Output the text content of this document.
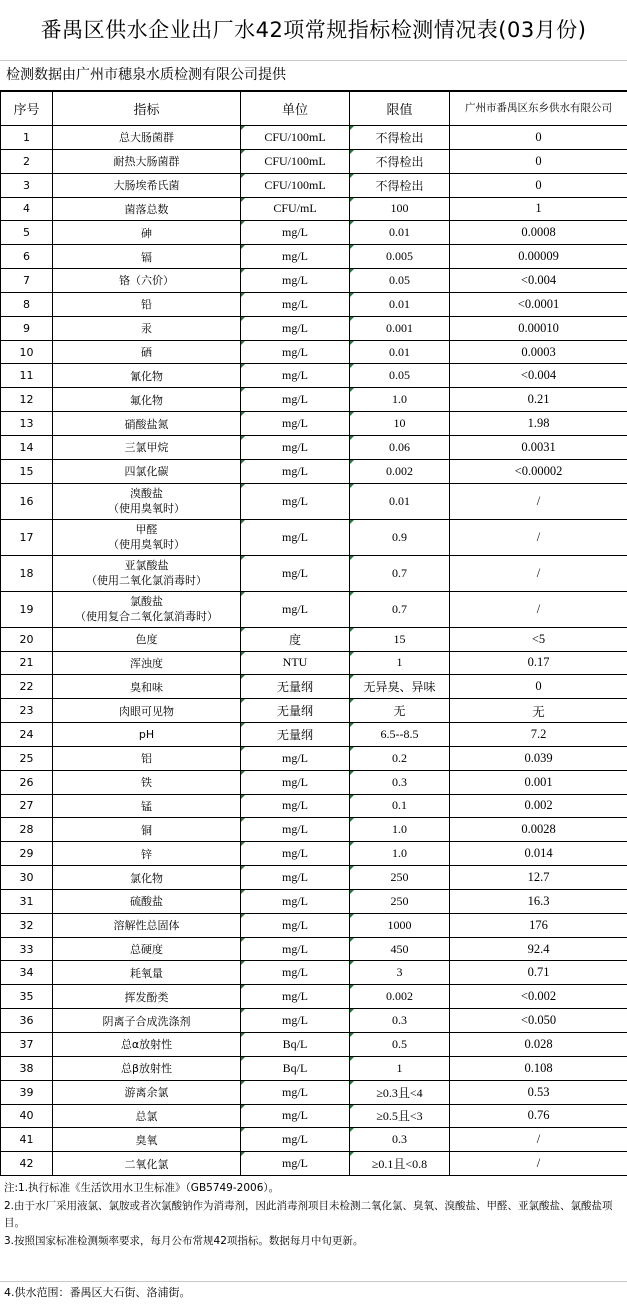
番禺区供水企业出厂水42项常规指标检测情况表(03月份)
检测数据由广州市穗泉水质检测有限公司提供
序号	指标	单位	限值	广州市番禺区东乡供水有限公司
1	总大肠菌群	CFU/100mL	不得检出	0
2	耐热大肠菌群	CFU/100mL	不得检出	0
3	大肠埃希氏菌	CFU/100mL	不得检出	0
4	菌落总数	CFU/mL	100	1
5	砷	mg/L	0.01	0.0008
6	镉	mg/L	0.005	0.00009
7	铬（六价）	mg/L	0.05	<0.004
8	铅	mg/L	0.01	<0.0001
9	汞	mg/L	0.001	0.00010
10	硒	mg/L	0.01	0.0003
11	氰化物	mg/L	0.05	<0.004
12	氟化物	mg/L	1.0	0.21
13	硝酸盐氮	mg/L	10	1.98
14	三氯甲烷	mg/L	0.06	0.0031
15	四氯化碳	mg/L	0.002	<0.00002
16	溴酸盐
（使用臭氧时）	mg/L	0.01	/
17	甲醛
（使用臭氧时）	mg/L	0.9	/
18	亚氯酸盐
（使用二氧化氯消毒时）	mg/L	0.7	/
19	氯酸盐
（使用复合二氧化氯消毒时）	mg/L	0.7	/
20	色度	度	15	<5
21	浑浊度	NTU	1	0.17
22	臭和味	无量纲	无异臭、异味	0
23	肉眼可见物	无量纲	无	无
24	pH	无量纲	6.5--8.5	7.2
25	铝	mg/L	0.2	0.039
26	铁	mg/L	0.3	0.001
27	锰	mg/L	0.1	0.002
28	铜	mg/L	1.0	0.0028
29	锌	mg/L	1.0	0.014
30	氯化物	mg/L	250	12.7
31	硫酸盐	mg/L	250	16.3
32	溶解性总固体	mg/L	1000	176
33	总硬度	mg/L	450	92.4
34	耗氧量	mg/L	3	0.71
35	挥发酚类	mg/L	0.002	<0.002
36	阴离子合成洗涤剂	mg/L	0.3	<0.050
37	总α放射性	Bq/L	0.5	0.028
38	总β放射性	Bq/L	1	0.108
39	游离余氯	mg/L	≥0.3且<4	0.53
40	总氯	mg/L	≥0.5且<3	0.76
41	臭氧	mg/L	0.3	/
42	二氧化氯	mg/L	≥0.1且<0.8	/
注:1.执行标准《生活饮用水卫生标准》（GB5749-2006）。
2.由于水厂采用液氯、氯胺或者次氯酸钠作为消毒剂，因此消毒剂项目未检测二氧化氯、臭氧、溴酸盐、甲醛、亚氯酸盐、氯酸盐项目。
3.按照国家标准检测频率要求，每月公布常规42项指标。数据每月中旬更新。
4.供水范围：番禺区大石街、洛浦街。
